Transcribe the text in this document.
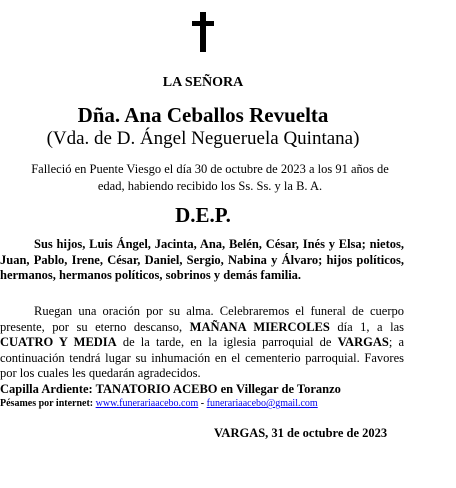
LA SEÑORA
Dña. Ana Ceballos Revuelta
(Vda. de D. Ángel Negueruela Quintana)
Falleció en Puente Viesgo el día 30 de octubre de 2023 a los 91 años de edad, habiendo recibido los Ss. Ss. y la B. A.
D.E.P.
Sus hijos, Luis Ángel, Jacinta, Ana, Belén, César, Inés y Elsa; nietos, Juan, Pablo, Irene, César, Daniel, Sergio, Nabina y Álvaro; hijos políticos, hermanos, hermanos políticos, sobrinos y demás familia.
Ruegan una oración por su alma. Celebraremos el funeral de cuerpo presente, por su eterno descanso, MAÑANA MIERCOLES día 1, a las CUATRO Y MEDIA de la tarde, en la iglesia parroquial de VARGAS; a continuación tendrá lugar su inhumación en el cementerio parroquial. Favores por los cuales les quedarán agradecidos.
Capilla Ardiente: TANATORIO ACEBO en Villegar de Toranzo
Pésames por internet: www.funerariaacebo.com - funerariaacebo@gmail.com
VARGAS, 31 de octubre de 2023
